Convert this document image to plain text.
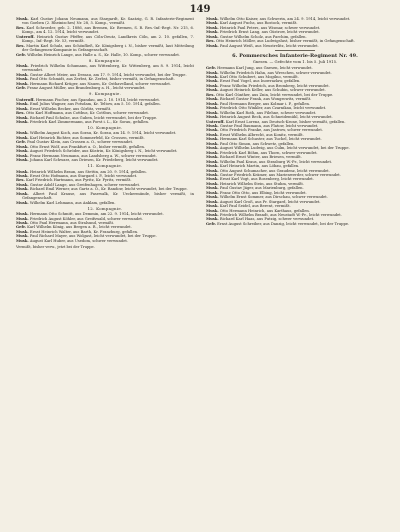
149

Musk. Karl Gustav Johann Neumann, aus Stargardt, Kr. Saatzig, G. R. Infanterie-Regiment von Goeben (2. Rheinisches) Nr. 28, 5. Komp., vermißt.

Res. Karl Schroeder, geb. 2. 1886, aus Bremen, Kr. Bremen, S. R. Res.-Inf.-Regt. Nr. 215, 6. Komp., am 4. 12. 1914, leicht verwundet.

Unteroff. Heinrich Gustav Pfeffer, aus Cöln-Deutz, Landkreis Cöln, am 2. 10. gefallen, 7. Komp., Inf.-Regt. Nr. 53, vermißt.

Res. Martin Karl Schulz, aus Schönfließ, Kr. Königsberg i. N., bisher vermißt, laut Mitteilung der Gefangenen-Kompanie in Gefangenschaft.

Gefr. Wilhelm Heinrich Lange, aus Halle a. S., Kr. Halle, 10. Komp., schwer verwundet.

8. Kompagnie.

Musk. Friedrich Wilhelm Schumann, aus Wittenberg, Kr. Wittenberg, am 8. 9. 1914, leicht verwundet.

Musk. Gustav Albert Meier, aus Dessau, am 17. 9. 1914, leicht verwundet, bei der Truppe.

Musk. Paul Otto Schmidt, aus Zerbst, Kr. Zerbst, bisher vermißt, in Gefangenschaft.

Musk. Hermann Richard Krüger, aus Nauen, Kr. Osthavelland, schwer verwundet.

Gefr. Franz August Müller, aus Brandenburg a. H., leicht verwundet.

9. Kompagnie.

Unteroff. Hermann Fischer, aus Spandau, am 2. 10. 1914, leicht verwundet.

Musk. Emil Julius Wagner, aus Potsdam, Kr. Teltow, am 5. 10. 1914, gefallen.

Musk. Ernst Wilhelm Becker, aus Görlitz, vermißt.

Res. Otto Karl Hoffmann, aus Cottbus, Kr. Cottbus, schwer verwundet.

Musk. Richard Paul Schulze, aus Guben, leicht verwundet, bei der Truppe.

Musk. Friedrich Karl Zimmermann, aus Forst i. L., Kr. Sorau, gefallen.

10. Kompagnie.

Musk. Wilhelm August Koch, aus Sorau, Kr. Sorau, am 14. 9. 1914, leicht verwundet.

Musk. Karl Heinrich Richter, aus Sommerfeld, Kr. Crossen, vermißt.

Gefr. Paul Gustav Klein, aus Crossen a. O., schwer verwundet.

Musk. Otto Ernst Wolf, aus Frankfurt a. O., bisher vermißt, gefallen.

Musk. August Friedrich Schröder, aus Küstrin, Kr. Königsberg i. N., leicht verwundet.

Musk. Franz Hermann Neumann, aus Landsberg a. W., schwer verwundet.

Musk. Johann Karl Schwarz, aus Driesen, Kr. Friedeberg, leicht verwundet.

11. Kompagnie.

Musk. Heinrich Wilhelm Braun, aus Stettin, am 20. 9. 1914, gefallen.

Musk. Ernst Otto Hofmann, aus Stargard i. P., leicht verwundet.

Res. Karl Friedrich Hartmann, aus Pyritz, Kr. Pyritz, vermißt.

Musk. Gustav Adolf Lange, aus Greifenhagen, schwer verwundet.

Musk. Richard Emil Werner, aus Gartz a. O., Kr. Randow, leicht verwundet, bei der Truppe.

Musk. Albert Paul Krause, aus Pasewalk, Kr. Ueckermünde, bisher vermißt, in Gefangenschaft.

Musk. Wilhelm Karl Lehmann, aus Anklam, gefallen.

12. Kompagnie.

Musk. Hermann Otto Schmitt, aus Demmin, am 22. 9. 1914, leicht verwundet.

Musk. Friedrich August Köhler, aus Greifswald, schwer verwundet.

Musk. Otto Paul Herrmann, aus Stralsund, vermißt.

Gefr. Karl Wilhelm König, aus Bergen a. R., leicht verwundet.

Musk. Ernst Heinrich Walter, aus Barth, Kr. Franzburg, gefallen.

Musk. Paul Richard Mayer, aus Wolgast, leicht verwundet, bei der Truppe.

Musk. August Karl Huber, aus Usedom, schwer verwundet.

Vermißt, bisher verw., jetzt bei der Truppe.

Musk. Wilhelm Otto Kaiser, aus Schwerin, am 24. 9. 1914, leicht verwundet.

Musk. Karl August Fuchs, aus Rostock, vermißt.

Musk. Heinrich Paul Peters, aus Wismar, schwer verwundet.

Musk. Friedrich Ernst Lang, aus Güstrow, leicht verwundet.

Musk. Gustav Wilhelm Scholz, aus Parchim, gefallen.

Res. Otto Heinrich Möller, aus Ludwigslust, bisher vermißt, in Gefangenschaft.

Musk. Paul August Weiß, aus Neustrelitz, leicht verwundet.

6. Pommersches Infanterie-Regiment Nr. 49.
Gnesen. — Gefechte vom 1. bis 5. Juli 1915.

Gefr. Hermann Karl Jung, aus Gnesen, leicht verwundet.

Musk. Wilhelm Friedrich Hahn, aus Wreschen, schwer verwundet.

Musk. Karl Otto Schubert, aus Mogilno, vermißt.

Musk. Ernst Paul Vogel, aus Inowrazlaw, gefallen.

Musk. Franz Wilhelm Friedrich, aus Bromberg, leicht verwundet.

Musk. August Heinrich Keller, aus Schubin, schwer verwundet.

Res. Otto Karl Günther, aus Znin, leicht verwundet, bei der Truppe.

Musk. Richard Gustav Frank, aus Wongrowitz, vermißt.

Musk. Paul Hermann Berger, aus Kolmar i. P., gefallen.

Musk. Friedrich Otto Winkler, aus Czarnikau, leicht verwundet.

Musk. Wilhelm Karl Roth, aus Filehne, schwer verwundet.

Musk. Heinrich August Beck, aus Schneidemühl, leicht verwundet.

Unteroff. Karl Ernst Lorenz, aus Deutsch-Krone, bisher vermißt, gefallen.

Musk. Gustav Paul Baumann, aus Flatow, leicht verwundet.

Musk. Otto Friedrich Franke, aus Jastrow, schwer verwundet.

Musk. Ernst Wilhelm Albrecht, aus Konitz, vermißt.

Musk. Hermann Karl Schuster, aus Tuchel, leicht verwundet.

Musk. Paul Otto Simon, aus Schwetz, gefallen.

Musk. August Wilhelm Ludwig, aus Culm, leicht verwundet, bei der Truppe.

Musk. Friedrich Karl Böhm, aus Thorn, schwer verwundet.

Musk. Richard Ernst Winter, aus Briesen, vermißt.

Musk. Wilhelm Paul Kraus, aus Strasburg W.-Pr., leicht verwundet.

Musk. Karl Heinrich Martin, aus Löbau, gefallen.

Musk. Otto August Schumacher, aus Graudenz, leicht verwundet.

Musk. Gustav Friedrich Krämer, aus Marienwerder, schwer verwundet.

Musk. Ernst Karl Vogt, aus Rosenberg, leicht verwundet.

Musk. Heinrich Wilhelm Stein, aus Stuhm, vermißt.

Musk. Paul Gustav Jäger, aus Marienburg, gefallen.

Musk. Franz Otto Otto, aus Elbing, leicht verwundet.

Musk. Wilhelm Ernst Sommer, aus Dirschau, schwer verwundet.

Musk. August Karl Groß, aus Pr. Stargard, leicht verwundet.

Musk. Karl Paul Seidel, aus Berent, vermißt.

Musk. Otto Hermann Heinrich, aus Karthaus, gefallen.

Musk. Friedrich Wilhelm Brandt, aus Neustadt W.-Pr., leicht verwundet.

Musk. Richard Karl Haas, aus Putzig, schwer verwundet.

Gefr. Ernst August Schreiber, aus Danzig, leicht verwundet, bei der Truppe.
